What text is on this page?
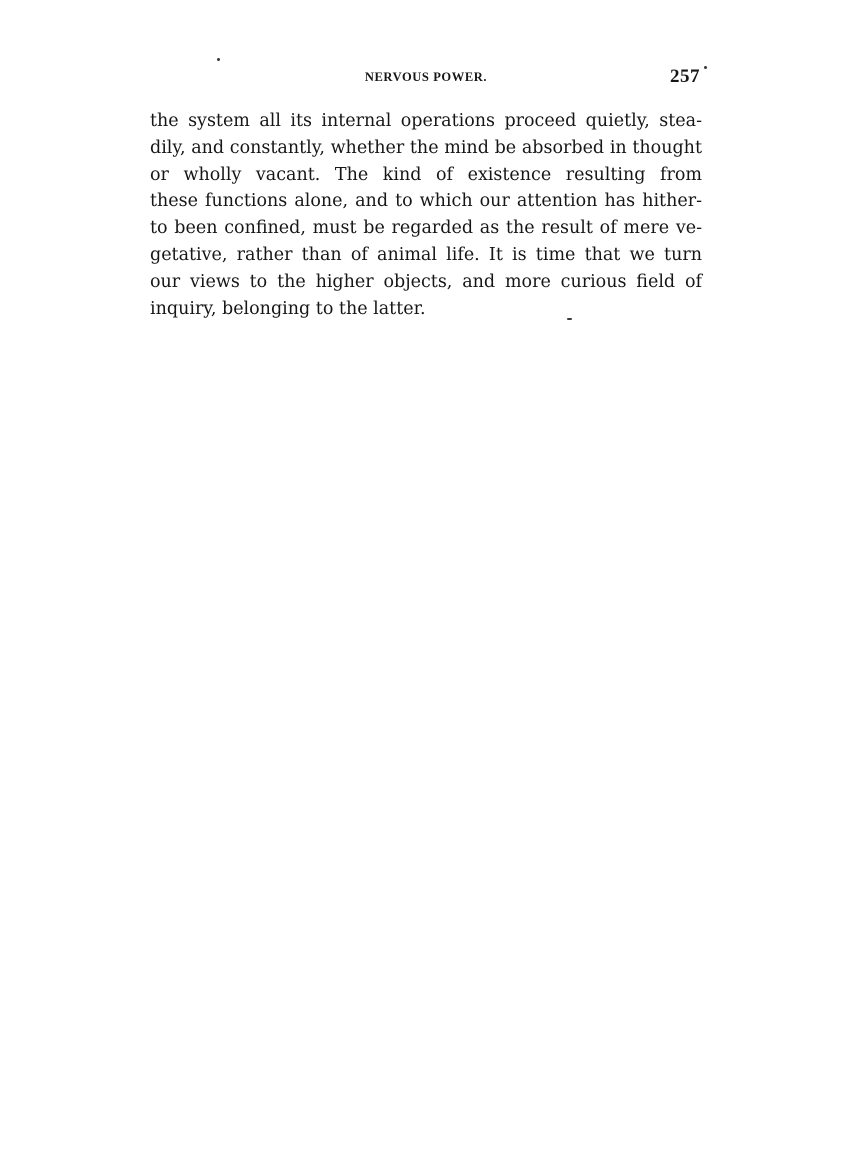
NERVOUS POWER.	257
the system all its internal operations proceed quietly, stea-
dily, and constantly, whether the mind be absorbed in thought
or wholly vacant. The kind of existence resulting from
these functions alone, and to which our attention has hither-
to been confined, must be regarded as the result of mere ve-
getative, rather than of animal life. It is time that we turn
our views to the higher objects, and more curious field of
inquiry, belonging to the latter.
